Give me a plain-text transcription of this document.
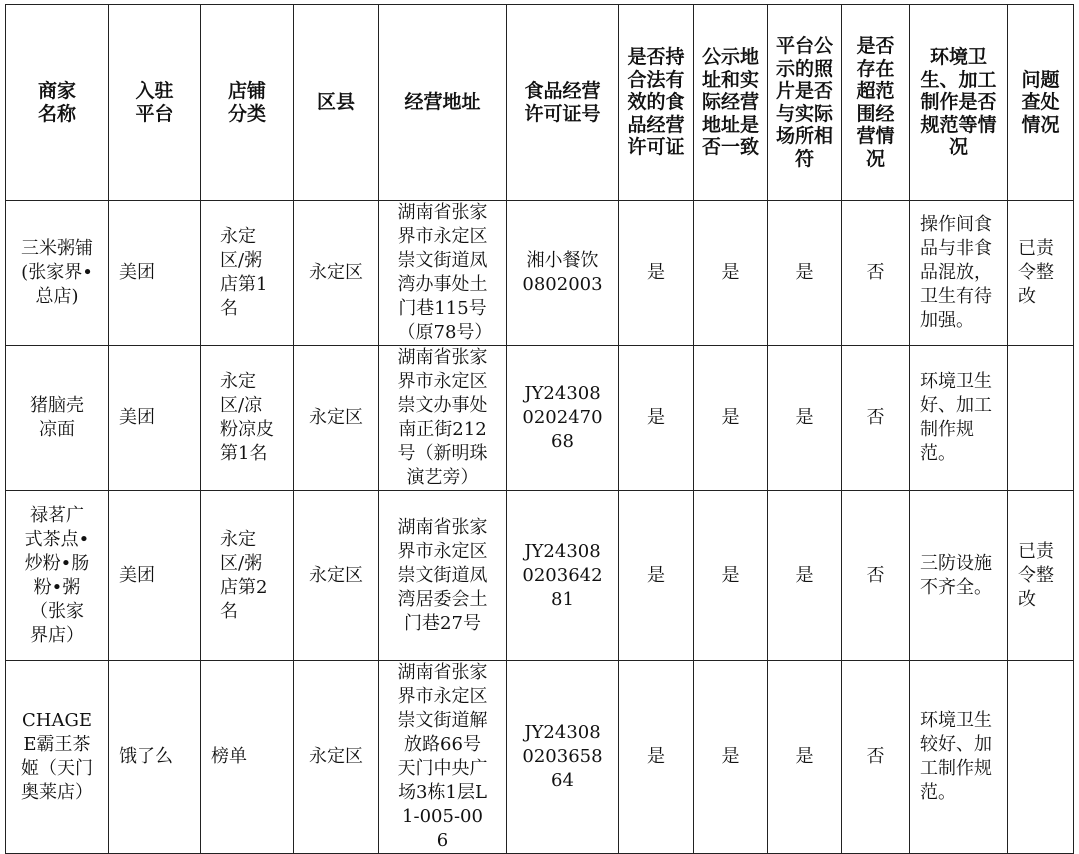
商家名称	入驻平台	店铺分类	区县	经营地址	食品经营许可证号	是否持合法有效的食品经营许可证	公示地址和实际经营地址是否一致	平台公示的照片是否与实际场所相符	是否存在超范围经营情况	环境卫生、加工制作是否规范等情况	问题查处情况

三米粥铺(张家界•总店)	美团	永定区/粥店第1名	永定区	湖南省张家界市永定区崇文街道凤湾办事处土门巷115号（原78号）	湘小餐饮0802003	是	是	是	否	操作间食品与非食品混放，卫生有待加强。	已责令整改

猪脑壳凉面	美团	永定区/凉粉凉皮第1名	永定区	湖南省张家界市永定区崇文办事处南正街212号（新明珠演艺旁）	JY24308020247068	是	是	是	否	环境卫生好、加工制作规范。	

禄茗广式茶点•炒粉•肠粉•粥（张家界店）	美团	永定区/粥店第2名	永定区	湖南省张家界市永定区崇文街道凤湾居委会土门巷27号	JY24308020364281	是	是	是	否	三防设施不齐全。	已责令整改

CHAGEE霸王茶姬（天门奥莱店）	饿了么	榜单	永定区	湖南省张家界市永定区崇文街道解放路66号天门中央广场3栋1层L1-005-006	JY24308020365864	是	是	是	否	环境卫生较好、加工制作规范。	
